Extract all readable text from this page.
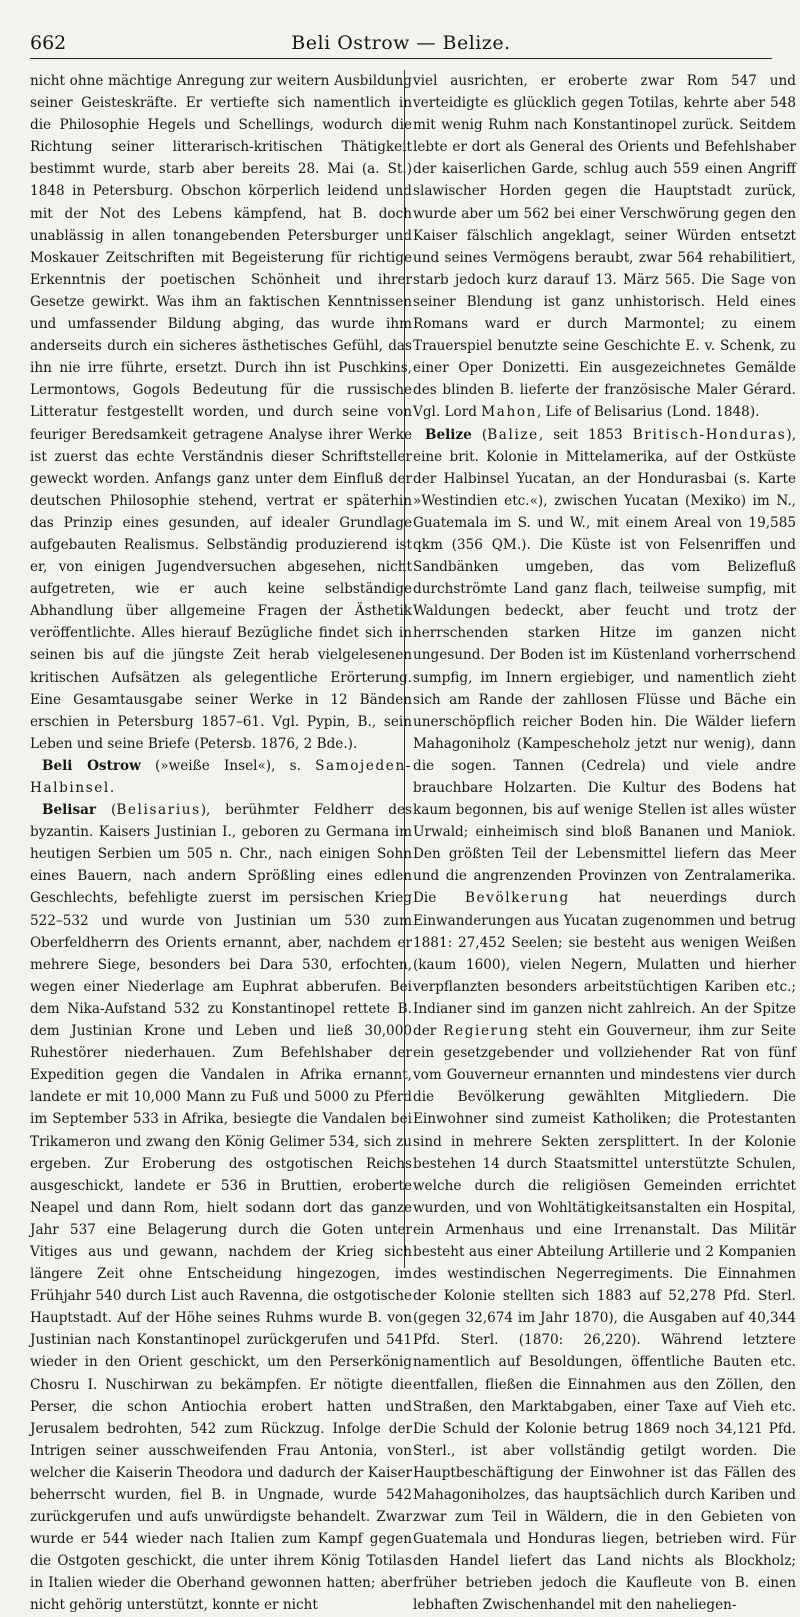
662	Beli Ostrow — Belize.

nicht ohne mächtige Anregung zur weitern Ausbildung seiner Geisteskräfte. Er vertiefte sich namentlich in die Philosophie Hegels und Schellings, wodurch die Richtung seiner litterarisch-kritischen Thätigkeit bestimmt wurde, starb aber bereits 28. Mai (a. St.) 1848 in Petersburg. Obschon körperlich leidend und mit der Not des Lebens kämpfend, hat B. doch unablässig in allen tonangebenden Petersburger und Moskauer Zeitschriften mit Begeisterung für richtige Erkenntnis der poetischen Schönheit und ihrer Gesetze gewirkt. Was ihm an faktischen Kenntnissen und umfassender Bildung abging, das wurde ihm anderseits durch ein sicheres ästhetisches Gefühl, das ihn nie irre führte, ersetzt. Durch ihn ist Puschkins, Lermontows, Gogols Bedeutung für die russische Litteratur festgestellt worden, und durch seine von feuriger Beredsamkeit getragene Analyse ihrer Werke ist zuerst das echte Verständnis dieser Schriftsteller geweckt worden. Anfangs ganz unter dem Einfluß der deutschen Philosophie stehend, vertrat er späterhin das Prinzip eines gesunden, auf idealer Grundlage aufgebauten Realismus. Selbständig produzierend ist er, von einigen Jugendversuchen abgesehen, nicht aufgetreten, wie er auch keine selbständige Abhandlung über allgemeine Fragen der Ästhetik veröffentlichte. Alles hierauf Bezügliche findet sich in seinen bis auf die jüngste Zeit herab vielgelesenen kritischen Aufsätzen als gelegentliche Erörterung. Eine Gesamtausgabe seiner Werke in 12 Bänden erschien in Petersburg 1857–61. Vgl. Pypin, B., sein Leben und seine Briefe (Petersb. 1876, 2 Bde.).

Beli Ostrow (»weiße Insel«), s. Samojeden-Halbinsel.

Belisar (Belisarius), berühmter Feldherr des byzantin. Kaisers Justinian I., geboren zu Germana im heutigen Serbien um 505 n. Chr., nach einigen Sohn eines Bauern, nach andern Sprößling eines edlen Geschlechts, befehligte zuerst im persischen Krieg 522–532 und wurde von Justinian um 530 zum Oberfeldherrn des Orients ernannt, aber, nachdem er mehrere Siege, besonders bei Dara 530, erfochten, wegen einer Niederlage am Euphrat abberufen. Bei dem Nika-Aufstand 532 zu Konstantinopel rettete B. dem Justinian Krone und Leben und ließ 30,000 Ruhestörer niederhauen. Zum Befehlshaber der Expedition gegen die Vandalen in Afrika ernannt, landete er mit 10,000 Mann zu Fuß und 5000 zu Pferd im September 533 in Afrika, besiegte die Vandalen bei Trikameron und zwang den König Gelimer 534, sich zu ergeben. Zur Eroberung des ostgotischen Reichs ausgeschickt, landete er 536 in Bruttien, eroberte Neapel und dann Rom, hielt sodann dort das ganze Jahr 537 eine Belagerung durch die Goten unter Vitiges aus und gewann, nachdem der Krieg sich längere Zeit ohne Entscheidung hingezogen, im Frühjahr 540 durch List auch Ravenna, die ostgotische Hauptstadt. Auf der Höhe seines Ruhms wurde B. von Justinian nach Konstantinopel zurückgerufen und 541 wieder in den Orient geschickt, um den Perserkönig Chosru I. Nuschirwan zu bekämpfen. Er nötigte die Perser, die schon Antiochia erobert hatten und Jerusalem bedrohten, 542 zum Rückzug. Infolge der Intrigen seiner ausschweifenden Frau Antonia, von welcher die Kaiserin Theodora und dadurch der Kaiser beherrscht wurden, fiel B. in Ungnade, wurde 542 zurückgerufen und aufs unwürdigste behandelt. Zwar wurde er 544 wieder nach Italien zum Kampf gegen die Ostgoten geschickt, die unter ihrem König Totilas in Italien wieder die Oberhand gewonnen hatten; aber nicht gehörig unterstützt, konnte er nicht

viel ausrichten, er eroberte zwar Rom 547 und verteidigte es glücklich gegen Totilas, kehrte aber 548 mit wenig Ruhm nach Konstantinopel zurück. Seitdem lebte er dort als General des Orients und Befehlshaber der kaiserlichen Garde, schlug auch 559 einen Angriff slawischer Horden gegen die Hauptstadt zurück, wurde aber um 562 bei einer Verschwörung gegen den Kaiser fälschlich angeklagt, seiner Würden entsetzt und seines Vermögens beraubt, zwar 564 rehabilitiert, starb jedoch kurz darauf 13. März 565. Die Sage von seiner Blendung ist ganz unhistorisch. Held eines Romans ward er durch Marmontel; zu einem Trauerspiel benutzte seine Geschichte E. v. Schenk, zu einer Oper Donizetti. Ein ausgezeichnetes Gemälde des blinden B. lieferte der französische Maler Gérard. Vgl. Lord Mahon, Life of Belisarius (Lond. 1848).

Belize (Balize, seit 1853 Britisch-Honduras), eine brit. Kolonie in Mittelamerika, auf der Ostküste der Halbinsel Yucatan, an der Hondurasbai (s. Karte »Westindien etc.«), zwischen Yucatan (Mexiko) im N., Guatemala im S. und W., mit einem Areal von 19,585 qkm (356 QM.). Die Küste ist von Felsenriffen und Sandbänken umgeben, das vom Belizefluß durchströmte Land ganz flach, teilweise sumpfig, mit Waldungen bedeckt, aber feucht und trotz der herrschenden starken Hitze im ganzen nicht ungesund. Der Boden ist im Küstenland vorherrschend sumpfig, im Innern ergiebiger, und namentlich zieht sich am Rande der zahllosen Flüsse und Bäche ein unerschöpflich reicher Boden hin. Die Wälder liefern Mahagoniholz (Kampescheholz jetzt nur wenig), dann die sogen. Tannen (Cedrela) und viele andre brauchbare Holzarten. Die Kultur des Bodens hat kaum begonnen, bis auf wenige Stellen ist alles wüster Urwald; einheimisch sind bloß Bananen und Maniok. Den größten Teil der Lebensmittel liefern das Meer und die angrenzenden Provinzen von Zentralamerika. Die Bevölkerung hat neuerdings durch Einwanderungen aus Yucatan zugenommen und betrug 1881: 27,452 Seelen; sie besteht aus wenigen Weißen (kaum 1600), vielen Negern, Mulatten und hierher verpflanzten besonders arbeitstüchtigen Kariben etc.; Indianer sind im ganzen nicht zahlreich. An der Spitze der Regierung steht ein Gouverneur, ihm zur Seite ein gesetzgebender und vollziehender Rat von fünf vom Gouverneur ernannten und mindestens vier durch die Bevölkerung gewählten Mitgliedern. Die Einwohner sind zumeist Katholiken; die Protestanten sind in mehrere Sekten zersplittert. In der Kolonie bestehen 14 durch Staatsmittel unterstützte Schulen, welche durch die religiösen Gemeinden errichtet wurden, und von Wohltätigkeitsanstalten ein Hospital, ein Armenhaus und eine Irrenanstalt. Das Militär besteht aus einer Abteilung Artillerie und 2 Kompanien des westindischen Negerregiments. Die Einnahmen der Kolonie stellten sich 1883 auf 52,278 Pfd. Sterl. (gegen 32,674 im Jahr 1870), die Ausgaben auf 40,344 Pfd. Sterl. (1870: 26,220). Während letztere namentlich auf Besoldungen, öffentliche Bauten etc. entfallen, fließen die Einnahmen aus den Zöllen, den Straßen, den Marktabgaben, einer Taxe auf Vieh etc. Die Schuld der Kolonie betrug 1869 noch 34,121 Pfd. Sterl., ist aber vollständig getilgt worden. Die Hauptbeschäftigung der Einwohner ist das Fällen des Mahagoniholzes, das hauptsächlich durch Kariben und zwar zum Teil in Wäldern, die in den Gebieten von Guatemala und Honduras liegen, betrieben wird. Für den Handel liefert das Land nichts als Blockholz; früher betrieben jedoch die Kaufleute von B. einen lebhaften Zwischenhandel mit den naheliegen-
